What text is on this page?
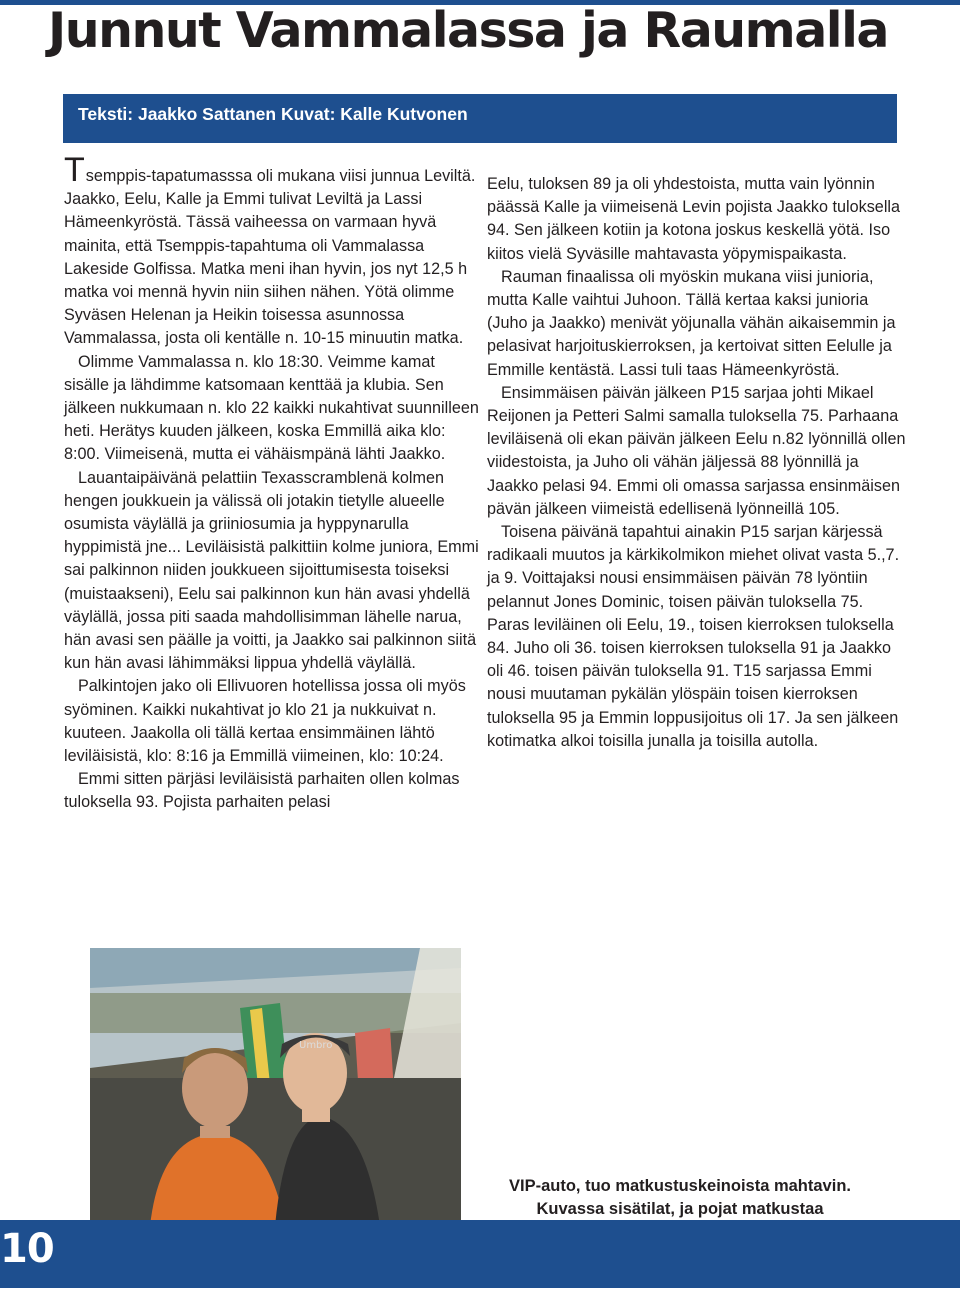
Junnut Vammalassa ja Raumalla
Teksti: Jaakko Sattanen Kuvat: Kalle Kutvonen

Tsemppis-tapatumasssa oli mukana viisi junnua Leviltä. Jaakko, Eelu, Kalle ja Emmi tulivat Leviltä ja Lassi Hämeenkyröstä. Tässä vaiheessa on varmaan hyvä mainita, että Tsemppis-tapahtuma oli Vammalassa Lakeside Golfissa. Matka meni ihan hyvin, jos nyt 12,5 h matka voi mennä hyvin niin siihen nähen. Yötä olimme Syväsen Helenan ja Heikin toisessa asunnossa Vammalassa, josta oli kentälle n. 10-15 minuutin matka.

Olimme Vammalassa n. klo 18:30. Veimme kamat sisälle ja lähdimme katsomaan kenttää ja klubia. Sen jälkeen nukkumaan n. klo 22 kaikki nukahtivat suunnilleen heti. Herätys kuuden jälkeen, koska Emmillä aika klo: 8:00. Viimeisenä, mutta ei vähäismpänä lähti Jaakko.

Lauantaipäivänä pelattiin Texasscramblenä kolmen hengen joukkuein ja välissä oli jotakin tietylle alueelle osumista väylällä ja griiniosumia ja hyppynarulla hyppimistä jne... Leviläisistä palkittiin kolme juniora, Emmi sai palkinnon niiden joukkueen sijoittumisesta toiseksi (muistaakseni), Eelu sai palkinnon kun hän avasi yhdellä väylällä, jossa piti saada mahdollisimman lähelle narua, hän avasi sen päälle ja voitti, ja Jaakko sai palkinnon siitä kun hän avasi lähimmäksi lippua yhdellä väylällä.

Palkintojen jako oli Ellivuoren hotellissa jossa oli myös syöminen. Kaikki nukahtivat jo klo 21 ja nukkuivat n. kuuteen. Jaakolla oli tällä kertaa ensimmäinen lähtö leviläisistä, klo: 8:16 ja Emmillä viimeinen, klo: 10:24.

Emmi sitten pärjäsi leviläisistä parhaiten ollen kolmas tuloksella 93. Pojista parhaiten pelasi

Eelu, tuloksen 89 ja oli yhdestoista, mutta vain lyönnin päässä Kalle ja viimeisenä Levin pojista Jaakko tuloksella 94. Sen jälkeen kotiin ja kotona joskus keskellä yötä. Iso kiitos vielä Syväsille mahtavasta yöpymispaikasta.

Rauman finaalissa oli myöskin mukana viisi junioria, mutta Kalle vaihtui Juhoon. Tällä kertaa kaksi junioria (Juho ja Jaakko) menivät yöjunalla vähän aikaisemmin ja pelasivat harjoituskierroksen, ja kertoivat sitten Eelulle ja Emmille kentästä. Lassi tuli taas Hämeenkyröstä.

Ensimmäisen päivän jälkeen P15 sarjaa johti Mikael Reijonen ja Petteri Salmi samalla tuloksella 75. Parhaana leviläisenä oli ekan päivän jälkeen Eelu n.82 lyönnillä ollen viidestoista, ja Juho oli vähän jäljessä 88 lyönnillä ja Jaakko pelasi 94. Emmi oli omassa sarjassa ensinmäisen pävän jälkeen viimeistä edellisenä lyönneillä 105.

Toisena päivänä tapahtui ainakin P15 sarjan kärjessä radikaali muutos ja kärkikolmikon miehet olivat vasta 5.,7. ja 9. Voittajaksi nousi ensimmäisen päivän 78 lyöntiin pelannut Jones Dominic, toisen päivän tuloksella 75. Paras leviläinen oli Eelu, 19., toisen kierroksen tuloksella 84. Juho oli 36. toisen kierroksen tuloksella 91 ja Jaakko oli 46. toisen päivän tuloksella 91. T15 sarjassa Emmi nousi muutaman pykälän ylöspäin toisen kierroksen tuloksella 95 ja Emmin loppusijoitus oli 17. Ja sen jälkeen kotimatka alkoi toisilla junalla ja toisilla autolla.

Umbro

VIP-auto, tuo matkustuskeinoista mahtavin.

Kuvassa sisätilat, ja pojat matkustaa

10
